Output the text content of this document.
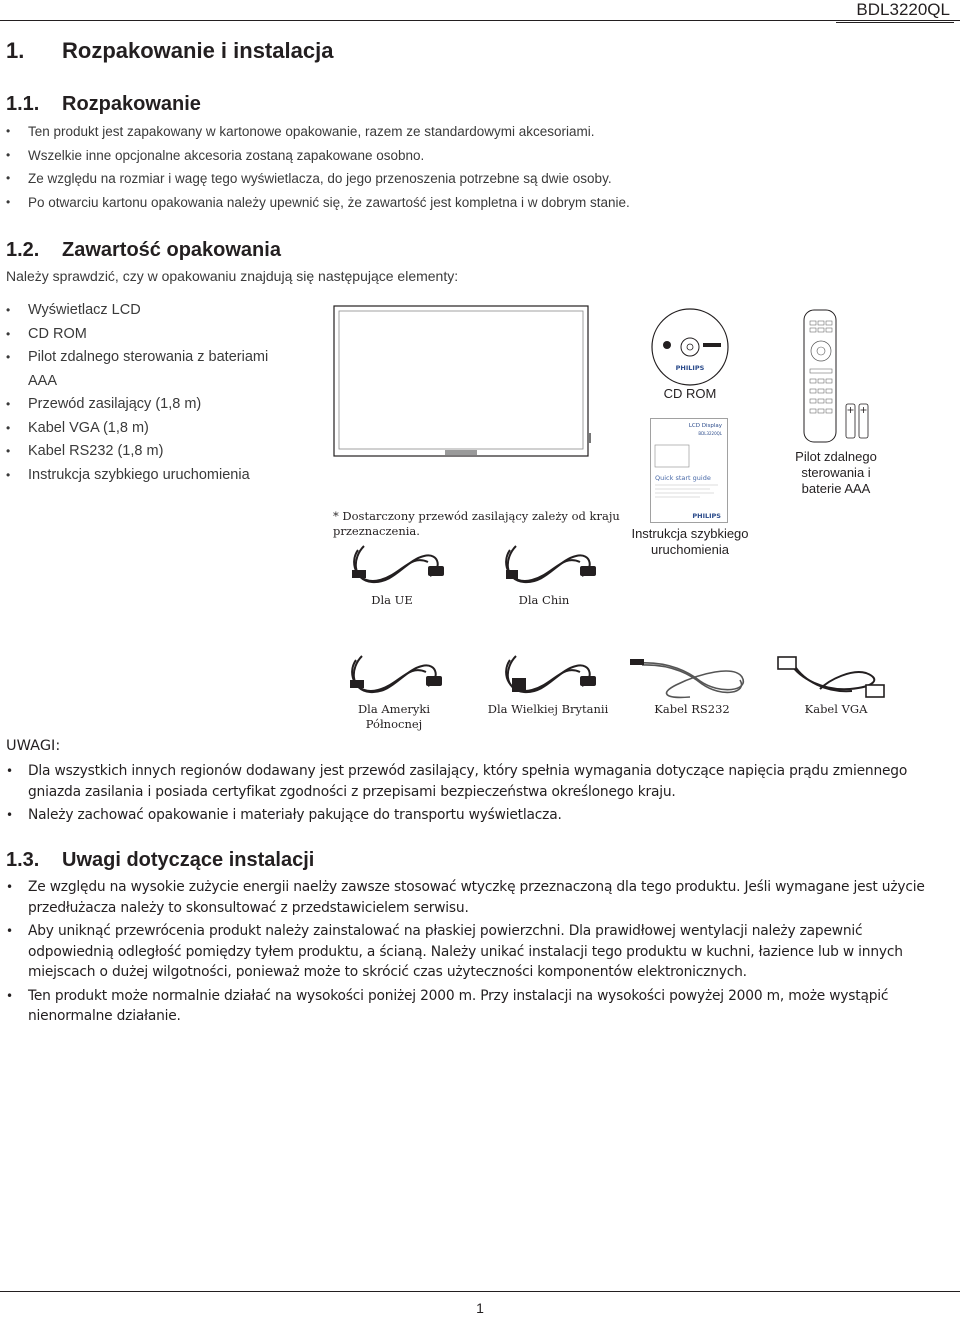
BDL3220QL
1. Rozpakowanie i instalacja
1.1. Rozpakowanie
• Ten produkt jest zapakowany w kartonowe opakowanie, razem ze standardowymi akcesoriami.
• Wszelkie inne opcjonalne akcesoria zostaną zapakowane osobno.
• Ze względu na rozmiar i wagę tego wyświetlacza, do jego przenoszenia potrzebne są dwie osoby.
• Po otwarciu kartonu opakowania należy upewnić się, że zawartość jest kompletna i w dobrym stanie.
1.2. Zawartość opakowania
Należy sprawdzić, czy w opakowaniu znajdują się następujące elementy:
• Wyświetlacz LCD
• CD ROM
• Pilot zdalnego sterowania z bateriami AAA
• Przewód zasilający (1,8 m)
• Kabel VGA (1,8 m)
• Kabel RS232 (1,8 m)
• Instrukcja szybkiego uruchomienia
PHILIPS
CD ROM
LCD Display
BDL3220QL
Quick start guide
PHILIPS
Instrukcja szybkiego uruchomienia
Pilot zdalnego sterowania i baterie AAA
* Dostarczony przewód zasilający zależy od kraju przeznaczenia.
Dla UE	Dla Chin
Dla Ameryki Północnej
Dla Wielkiej Brytanii	Kabel RS232	Kabel VGA
UWAGI:
• Dla wszystkich innych regionów dodawany jest przewód zasilający, który spełnia wymagania dotyczące napięcia prądu zmiennego gniazda zasilania i posiada certyfikat zgodności z przepisami bezpieczeństwa określonego kraju.
• Należy zachować opakowanie i materiały pakujące do transportu wyświetlacza.
1.3. Uwagi dotyczące instalacji
• Ze względu na wysokie zużycie energii naelży zawsze stosować wtyczkę przeznaczoną dla tego produktu. Jeśli wymagane jest użycie przedłużacza należy to skonsultować z przedstawicielem serwisu.
• Aby uniknąć przewrócenia produkt należy zainstalować na płaskiej powierzchni. Dla prawidłowej wentylacji należy zapewnić odpowiednią odległość pomiędzy tyłem produktu, a ścianą. Należy unikać instalacji tego produktu w kuchni, łazience lub w innych miejscach o dużej wilgotności, ponieważ może to skrócić czas użyteczności komponentów elektronicznych.
• Ten produkt może normalnie działać na wysokości poniżej 2000 m. Przy instalacji na wysokości powyżej 2000 m, może wystąpić nienormalne działanie.
1
